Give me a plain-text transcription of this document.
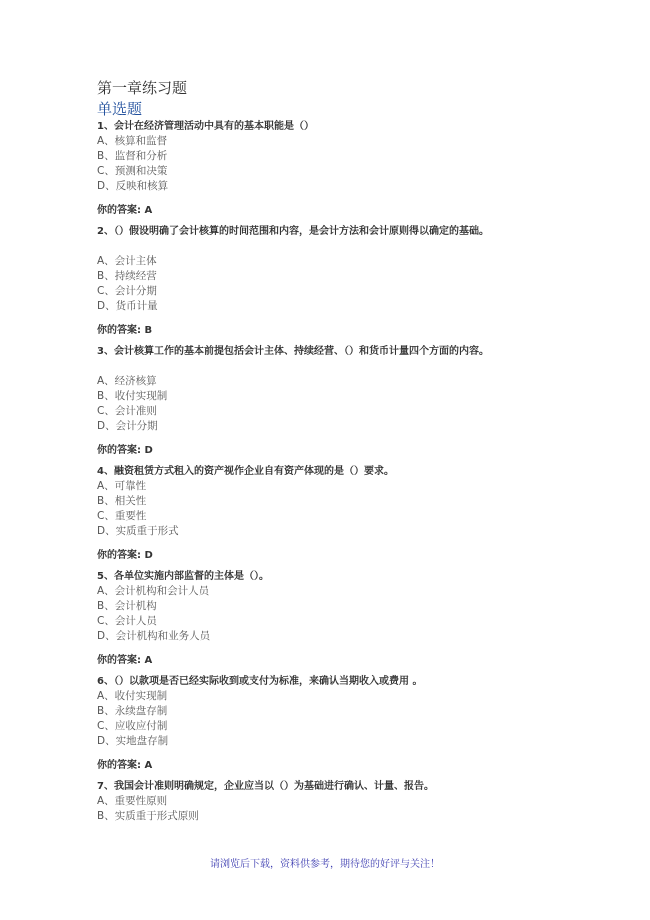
第一章练习题
单选题
1、会计在经济管理活动中具有的基本职能是（）
A、核算和监督
B、监督和分析
C、预测和决策
D、反映和核算
你的答案: A
2、（）假设明确了会计核算的时间范围和内容，是会计方法和会计原则得以确定的基础。
A、会计主体
B、持续经营
C、会计分期
D、货币计量
你的答案: B
3、会计核算工作的基本前提包括会计主体、持续经营、（）和货币计量四个方面的内容。
A、经济核算
B、收付实现制
C、会计准则
D、会计分期
你的答案: D
4、融资租赁方式租入的资产视作企业自有资产体现的是（）要求。
A、可靠性
B、相关性
C、重要性
D、实质重于形式
你的答案: D
5、各单位实施内部监督的主体是（）。
A、会计机构和会计人员
B、会计机构
C、会计人员
D、会计机构和业务人员
你的答案: A
6、（）以款项是否已经实际收到或支付为标准，来确认当期收入或费用 。
A、收付实现制
B、永续盘存制
C、应收应付制
D、实地盘存制
你的答案: A
7、我国会计准则明确规定，企业应当以（）为基础进行确认、计量、报告。
A、重要性原则
B、实质重于形式原则
请浏览后下载，资料供参考，期待您的好评与关注！
